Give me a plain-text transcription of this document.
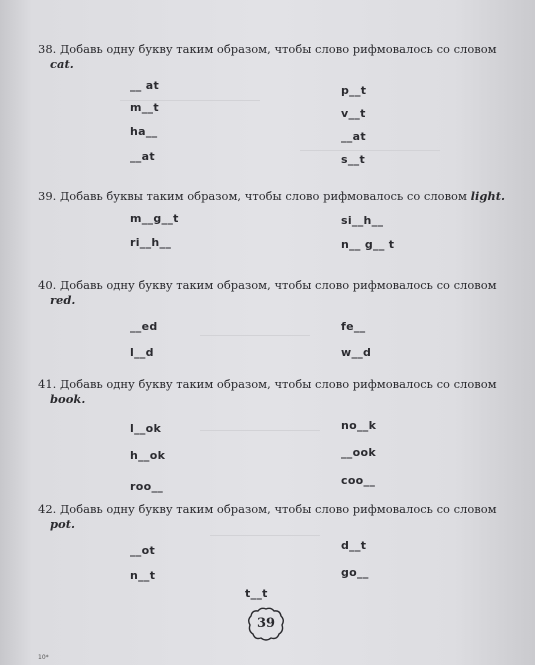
38. Добавь одну букву таким образом, чтобы слово рифмовалось со словом
cat.
__ at
m__t
ha__
__at
p__t
v__t
__at
s__t
39. Добавь буквы таким образом, чтобы слово рифмовалось со словом light.
m__g__t
ri__h__
si__h__
n__ g__ t
40. Добавь одну букву таким образом, чтобы слово рифмовалось со словом
red.
__ed
l__d
fe__
w__d
41. Добавь одну букву таким образом, чтобы слово рифмовалось со словом
book.
l__ok
h__ok
roo__
no__k
__ook
coo__
42. Добавь одну букву таким образом, чтобы слово рифмовалось со словом
pot.
__ot
n__t
d__t
go__
t__t
39
10*
